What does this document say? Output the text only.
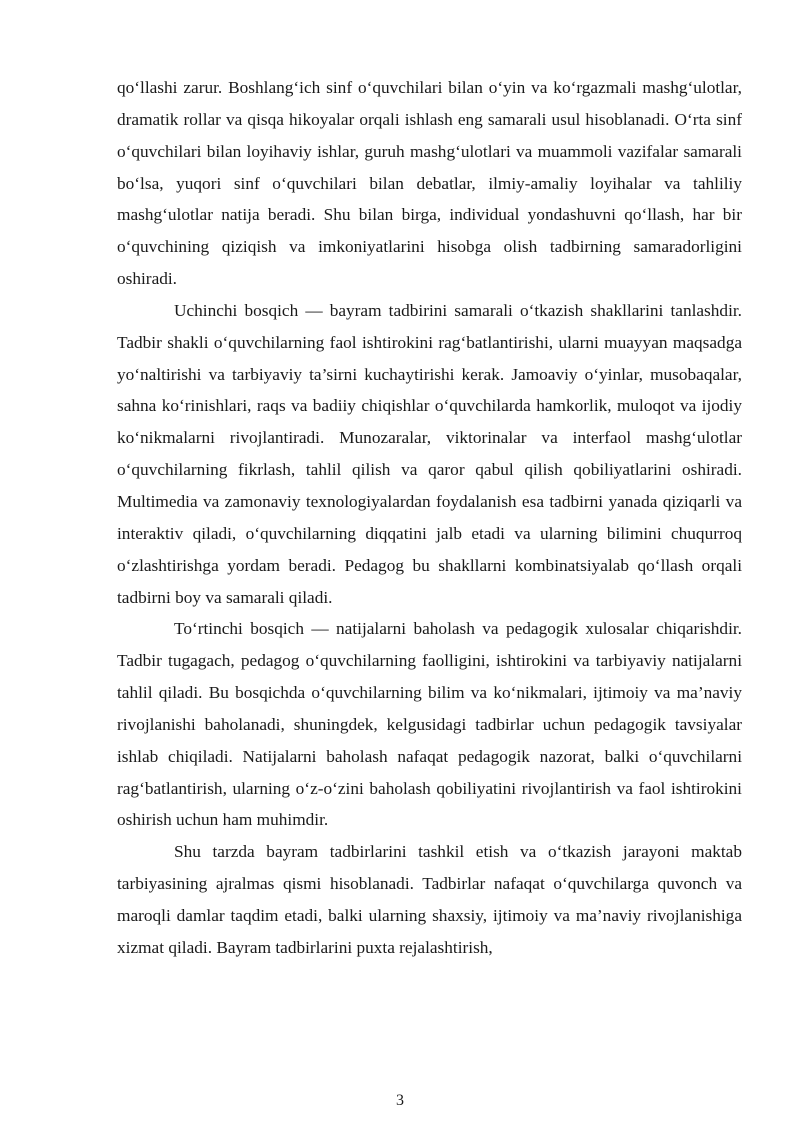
qo‘llashi zarur. Boshlang‘ich sinf o‘quvchilari bilan o‘yin va ko‘rgazmali mashg‘ulotlar, dramatik rollar va qisqa hikoyalar orqali ishlash eng samarali usul hisoblanadi. O‘rta sinf o‘quvchilari bilan loyihaviy ishlar, guruh mashg‘ulotlari va muammoli vazifalar samarali bo‘lsa, yuqori sinf o‘quvchilari bilan debatlar, ilmiy-amaliy loyihalar va tahliliy mashg‘ulotlar natija beradi. Shu bilan birga, individual yondashuvni qo‘llash, har bir o‘quvchining qiziqish va imkoniyatlarini hisobga olish tadbirning samaradorligini oshiradi.

Uchinchi bosqich — bayram tadbirini samarali o‘tkazish shakllarini tanlashdir. Tadbir shakli o‘quvchilarning faol ishtirokini rag‘batlantirishi, ularni muayyan maqsadga yo‘naltirishi va tarbiyaviy ta’sirni kuchaytirishi kerak. Jamoaviy o‘yinlar, musobaqalar, sahna ko‘rinishlari, raqs va badiiy chiqishlar o‘quvchilarda hamkorlik, muloqot va ijodiy ko‘nikmalarni rivojlantiradi. Munozaralar, viktorinalar va interfaol mashg‘ulotlar o‘quvchilarning fikrlash, tahlil qilish va qaror qabul qilish qobiliyatlarini oshiradi. Multimedia va zamonaviy texnologiyalardan foydalanish esa tadbirni yanada qiziqarli va interaktiv qiladi, o‘quvchilarning diqqatini jalb etadi va ularning bilimini chuqurroq o‘zlashtirishga yordam beradi. Pedagog bu shakllarni kombinatsiyalab qo‘llash orqali tadbirni boy va samarali qiladi.

To‘rtinchi bosqich — natijalarni baholash va pedagogik xulosalar chiqarishdir. Tadbir tugagach, pedagog o‘quvchilarning faolligini, ishtirokini va tarbiyaviy natijalarni tahlil qiladi. Bu bosqichda o‘quvchilarning bilim va ko‘nikmalari, ijtimoiy va ma’naviy rivojlanishi baholanadi, shuningdek, kelgusidagi tadbirlar uchun pedagogik tavsiyalar ishlab chiqiladi. Natijalarni baholash nafaqat pedagogik nazorat, balki o‘quvchilarni rag‘batlantirish, ularning o‘z-o‘zini baholash qobiliyatini rivojlantirish va faol ishtirokini oshirish uchun ham muhimdir.

Shu tarzda bayram tadbirlarini tashkil etish va o‘tkazish jarayoni maktab tarbiyasining ajralmas qismi hisoblanadi. Tadbirlar nafaqat o‘quvchilarga quvonch va maroqli damlar taqdim etadi, balki ularning shaxsiy, ijtimoiy va ma’naviy rivojlanishiga xizmat qiladi. Bayram tadbirlarini puxta rejalashtirish,

3
